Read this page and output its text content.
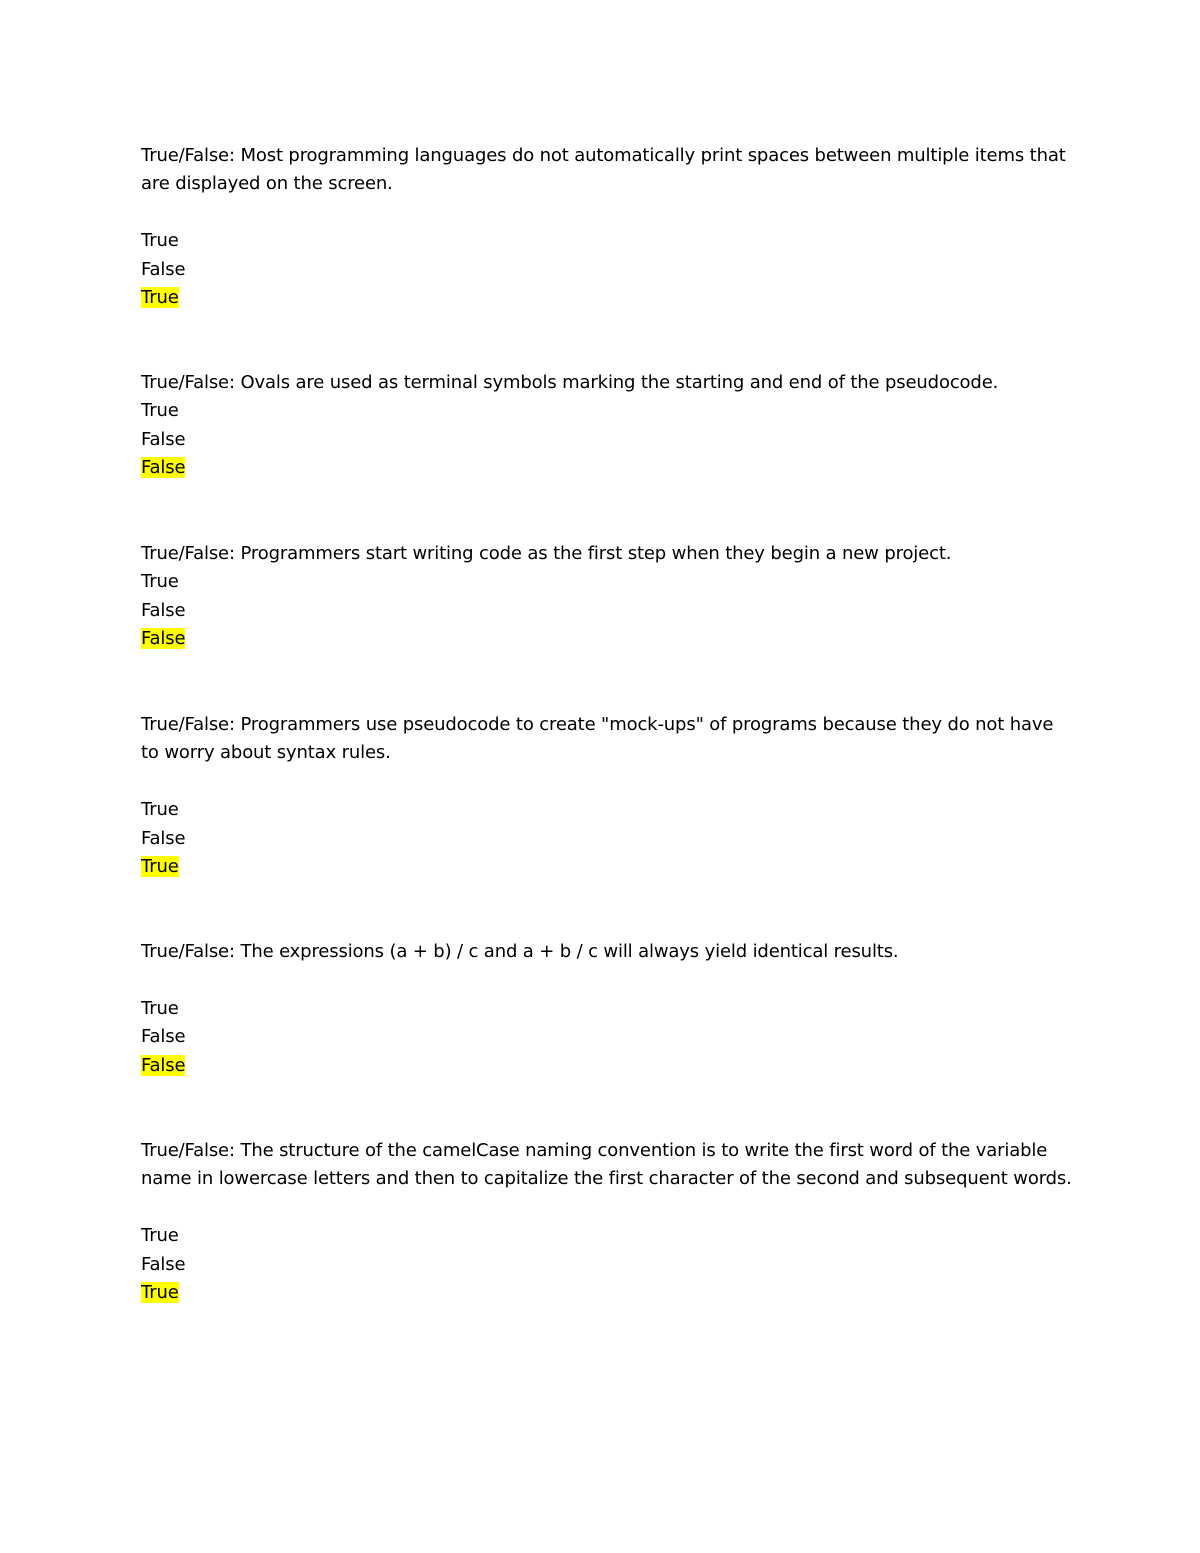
True/False: Most programming languages do not automatically print spaces between multiple items that
are displayed on the screen.
True
False
True
True/False: Ovals are used as terminal symbols marking the starting and end of the pseudocode.
True
False
False
True/False: Programmers start writing code as the first step when they begin a new project.
True
False
False
True/False: Programmers use pseudocode to create "mock-ups" of programs because they do not have
to worry about syntax rules.
True
False
True
True/False: The expressions (a + b) / c and a + b / c will always yield identical results.
True
False
False
True/False: The structure of the camelCase naming convention is to write the first word of the variable
name in lowercase letters and then to capitalize the first character of the second and subsequent words.
True
False
True
